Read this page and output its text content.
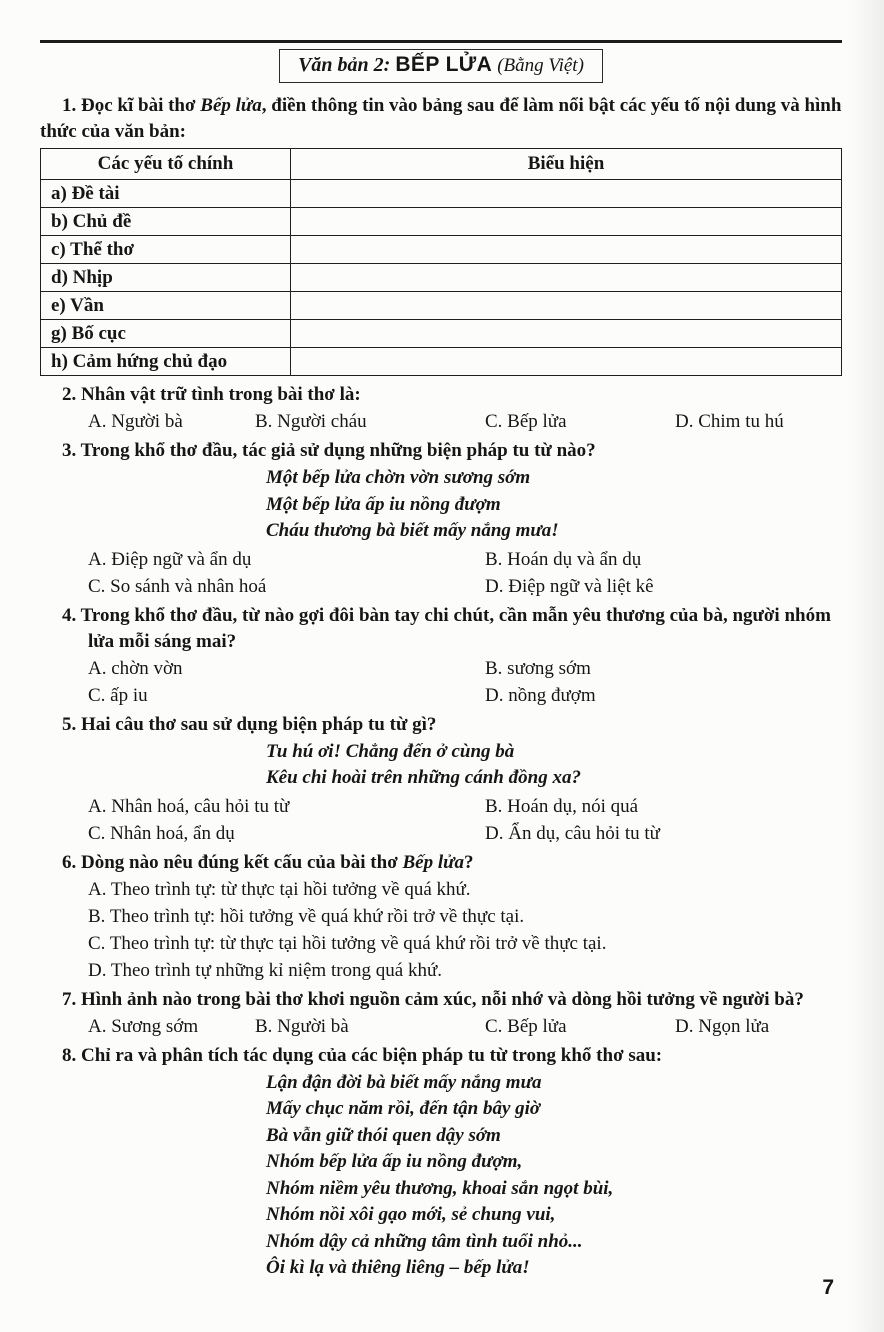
Văn bản 2: BẾP LỬA (Bằng Việt)

1. Đọc kĩ bài thơ Bếp lửa, điền thông tin vào bảng sau để làm nổi bật các yếu tố nội dung và hình thức của văn bản:

Các yếu tố chính	Biểu hiện
a) Đề tài	
b) Chủ đề	
c) Thể thơ	
d) Nhịp	
e) Vần	
g) Bố cục	
h) Cảm hứng chủ đạo	

2. Nhân vật trữ tình trong bài thơ là:

A. Người bà	B. Người cháu	C. Bếp lửa	D. Chim tu hú

3. Trong khổ thơ đầu, tác giả sử dụng những biện pháp tu từ nào?

Một bếp lửa chờn vờn sương sớm
Một bếp lửa ấp iu nồng đượm
Cháu thương bà biết mấy nắng mưa!
A. Điệp ngữ và ẩn dụ	B. Hoán dụ và ẩn dụ
C. So sánh và nhân hoá	D. Điệp ngữ và liệt kê

4. Trong khổ thơ đầu, từ nào gợi đôi bàn tay chi chút, cần mẫn yêu thương của bà, người nhóm lửa mỗi sáng mai?

A. chờn vờn	B. sương sớm
C. ấp iu	D. nồng đượm

5. Hai câu thơ sau sử dụng biện pháp tu từ gì?

Tu hú ơi! Chẳng đến ở cùng bà
Kêu chi hoài trên những cánh đồng xa?
A. Nhân hoá, câu hỏi tu từ	B. Hoán dụ, nói quá
C. Nhân hoá, ẩn dụ	D. Ẩn dụ, câu hỏi tu từ

6. Dòng nào nêu đúng kết cấu của bài thơ Bếp lửa?

A. Theo trình tự: từ thực tại hồi tưởng về quá khứ.
B. Theo trình tự: hồi tưởng về quá khứ rồi trở về thực tại.
C. Theo trình tự: từ thực tại hồi tưởng về quá khứ rồi trở về thực tại.
D. Theo trình tự những kỉ niệm trong quá khứ.

7. Hình ảnh nào trong bài thơ khơi nguồn cảm xúc, nỗi nhớ và dòng hồi tưởng về người bà?

A. Sương sớm	B. Người bà	C. Bếp lửa	D. Ngọn lửa

8. Chỉ ra và phân tích tác dụng của các biện pháp tu từ trong khổ thơ sau:

Lận đận đời bà biết mấy nắng mưa
Mấy chục năm rồi, đến tận bây giờ
Bà vẫn giữ thói quen dậy sớm
Nhóm bếp lửa ấp iu nồng đượm,
Nhóm niềm yêu thương, khoai sắn ngọt bùi,
Nhóm nồi xôi gạo mới, sẻ chung vui,
Nhóm dậy cả những tâm tình tuổi nhỏ...
Ôi kì lạ và thiêng liêng – bếp lửa!
7
